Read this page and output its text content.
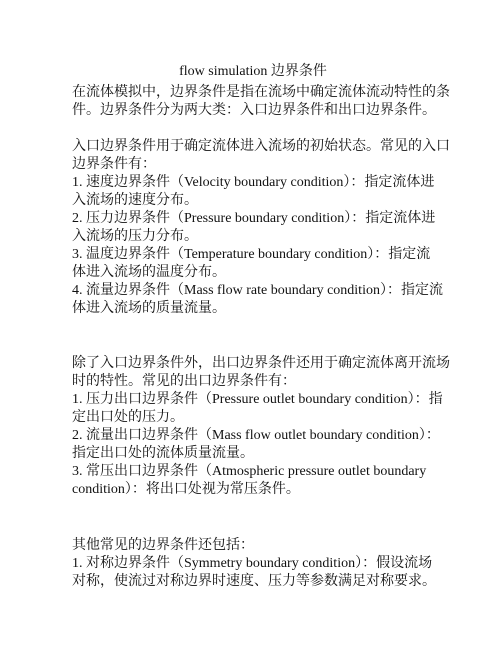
flow simulation 边界条件
在流体模拟中，边界条件是指在流场中确定流体流动特性的条
件。边界条件分为两大类：入口边界条件和出口边界条件。
入口边界条件用于确定流体进入流场的初始状态。常见的入口
边界条件有：
1. 速度边界条件（Velocity boundary condition）：指定流体进
入流场的速度分布。
2. 压力边界条件（Pressure boundary condition）：指定流体进
入流场的压力分布。
3. 温度边界条件（Temperature boundary condition）：指定流
体进入流场的温度分布。
4. 流量边界条件（Mass flow rate boundary condition）：指定流
体进入流场的质量流量。
除了入口边界条件外，出口边界条件还用于确定流体离开流场
时的特性。常见的出口边界条件有：
1. 压力出口边界条件（Pressure outlet boundary condition）：指
定出口处的压力。
2. 流量出口边界条件（Mass flow outlet boundary condition）：
指定出口处的流体质量流量。
3. 常压出口边界条件（Atmospheric pressure outlet boundary
condition）：将出口处视为常压条件。
其他常见的边界条件还包括：
1. 对称边界条件（Symmetry boundary condition）：假设流场
对称，使流过对称边界时速度、压力等参数满足对称要求。
